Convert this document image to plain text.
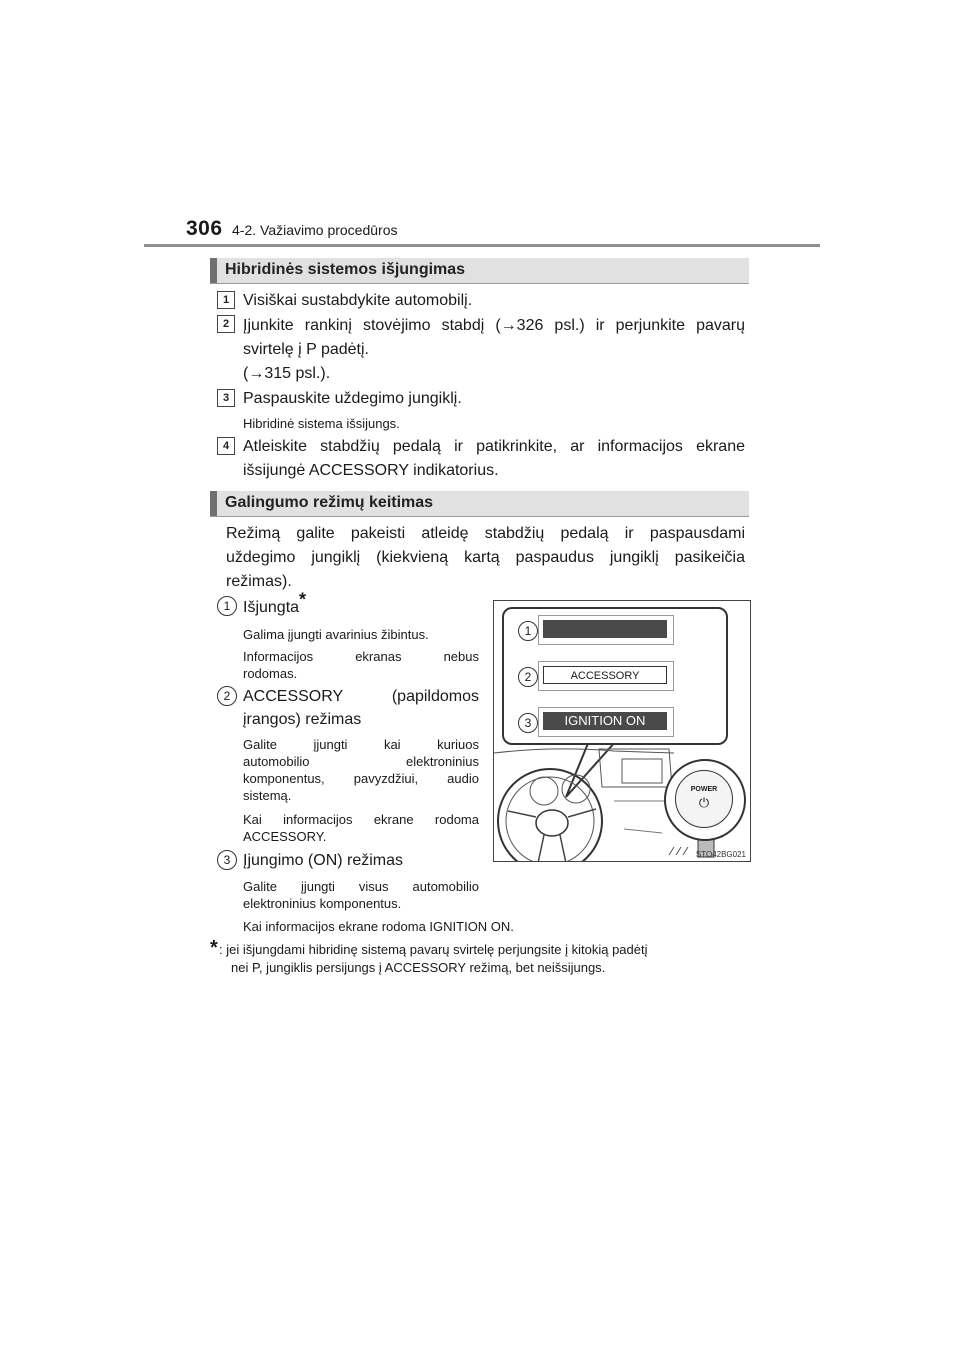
306 4-2. Važiavimo procedūros
Hibridinės sistemos išjungimas
1 Visiškai sustabdykite automobilį.
2 Įjunkite rankinį stovėjimo stabdį (→326 psl.) ir perjunkite pavarų
svirtelę į P padėtį.
(→315 psl.).
3 Paspauskite uždegimo jungiklį.
Hibridinė sistema išsijungs.
4 Atleiskite stabdžių pedalą ir patikrinkite, ar informacijos ekrane
išsijungė ACCESSORY indikatorius.
Galingumo režimų keitimas
Režimą galite pakeisti atleidę stabdžių pedalą ir paspausdami
uždegimo jungiklį (kiekvieną kartą paspaudus jungiklį pasikeičia
režimas).
1 Išjungta*
Galima įjungti avarinius žibintus.
Informacijos ekranas nebus
rodomas.
2 ACCESSORY (papildomos
įrangos) režimas
Galite įjungti kai kuriuos
automobilio elektroninius
komponentus, pavyzdžiui, audio
sistemą.
Kai informacijos ekrane rodoma
ACCESSORY.
3 Įjungimo (ON) režimas
Galite įjungti visus automobilio
elektroninius komponentus.
Kai informacijos ekrane rodoma IGNITION ON.
1
2
3
ACCESSORY
IGNITION ON
POWER
⏻
STO42BG021
* : jei išjungdami hibridinę sistemą pavarų svirtelę perjungsite į kitokią padėtį
nei P, jungiklis persijungs į ACCESSORY režimą, bet neišsijungs.
